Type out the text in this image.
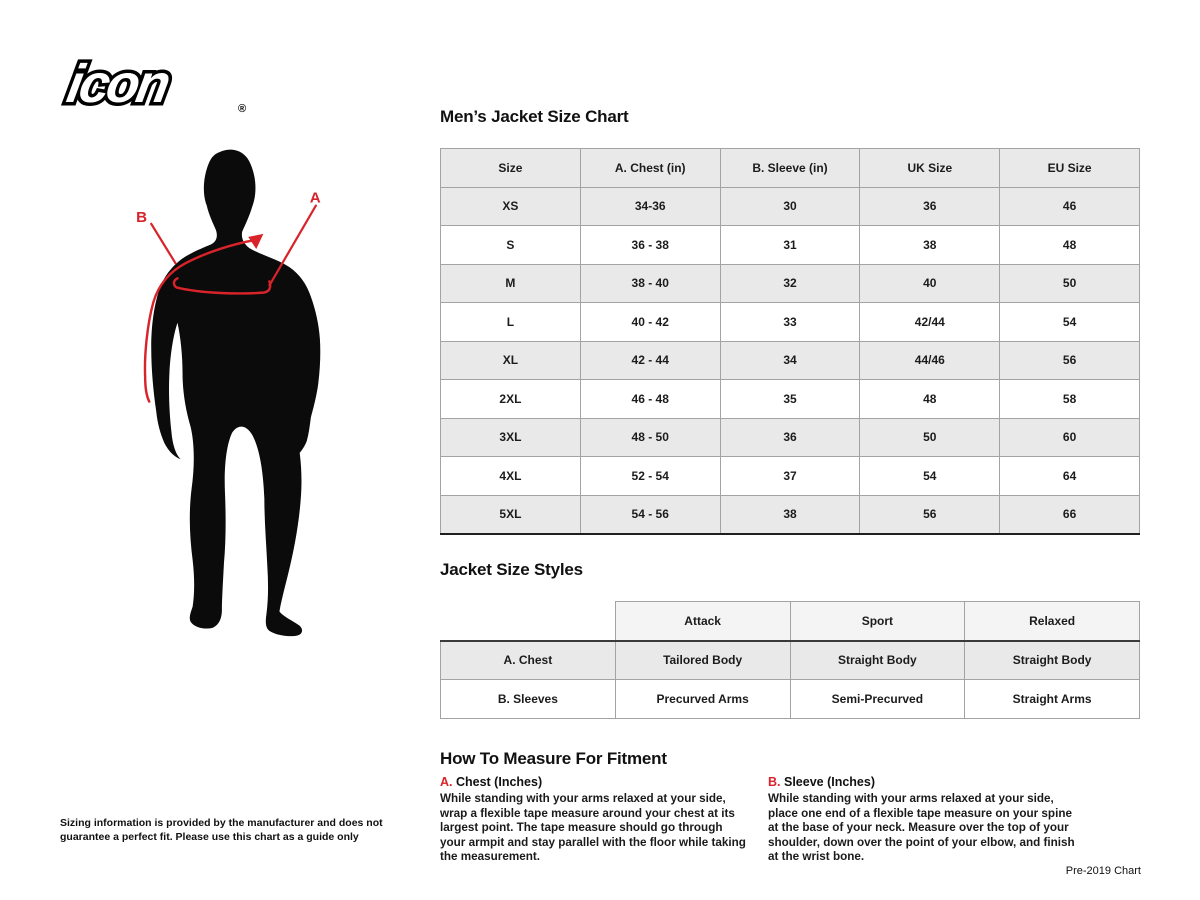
icon	®
A
B
Men’s Jacket Size Chart
Size	A. Chest (in)	B. Sleeve (in)	UK Size	EU Size
XS	34-36	30	36	46
S	36 - 38	31	38	48
M	38 - 40	32	40	50
L	40 - 42	33	42/44	54
XL	42 - 44	34	44/46	56
2XL	46 - 48	35	48	58
3XL	48 - 50	36	50	60
4XL	52 - 54	37	54	64
5XL	54 - 56	38	56	66
Jacket Size Styles
	Attack	Sport	Relaxed
A. Chest	Tailored Body	Straight Body	Straight Body
B. Sleeves	Precurved Arms	Semi-Precurved	Straight Arms
How To Measure For Fitment
A. Chest (Inches)

While standing with your arms relaxed at your side, wrap a flexible tape measure around your chest at its largest point. The tape measure should go through your armpit and stay parallel with the floor while taking the measurement.

B. Sleeve (Inches)

While standing with your arms relaxed at your side, place one end of a flexible tape measure on your spine at the base of your neck. Measure over the top of your shoulder, down over the point of your elbow, and finish at the wrist bone.

Sizing information is provided by the manufacturer and does not guarantee a perfect fit. Please use this chart as a guide only
Pre-2019 Chart
